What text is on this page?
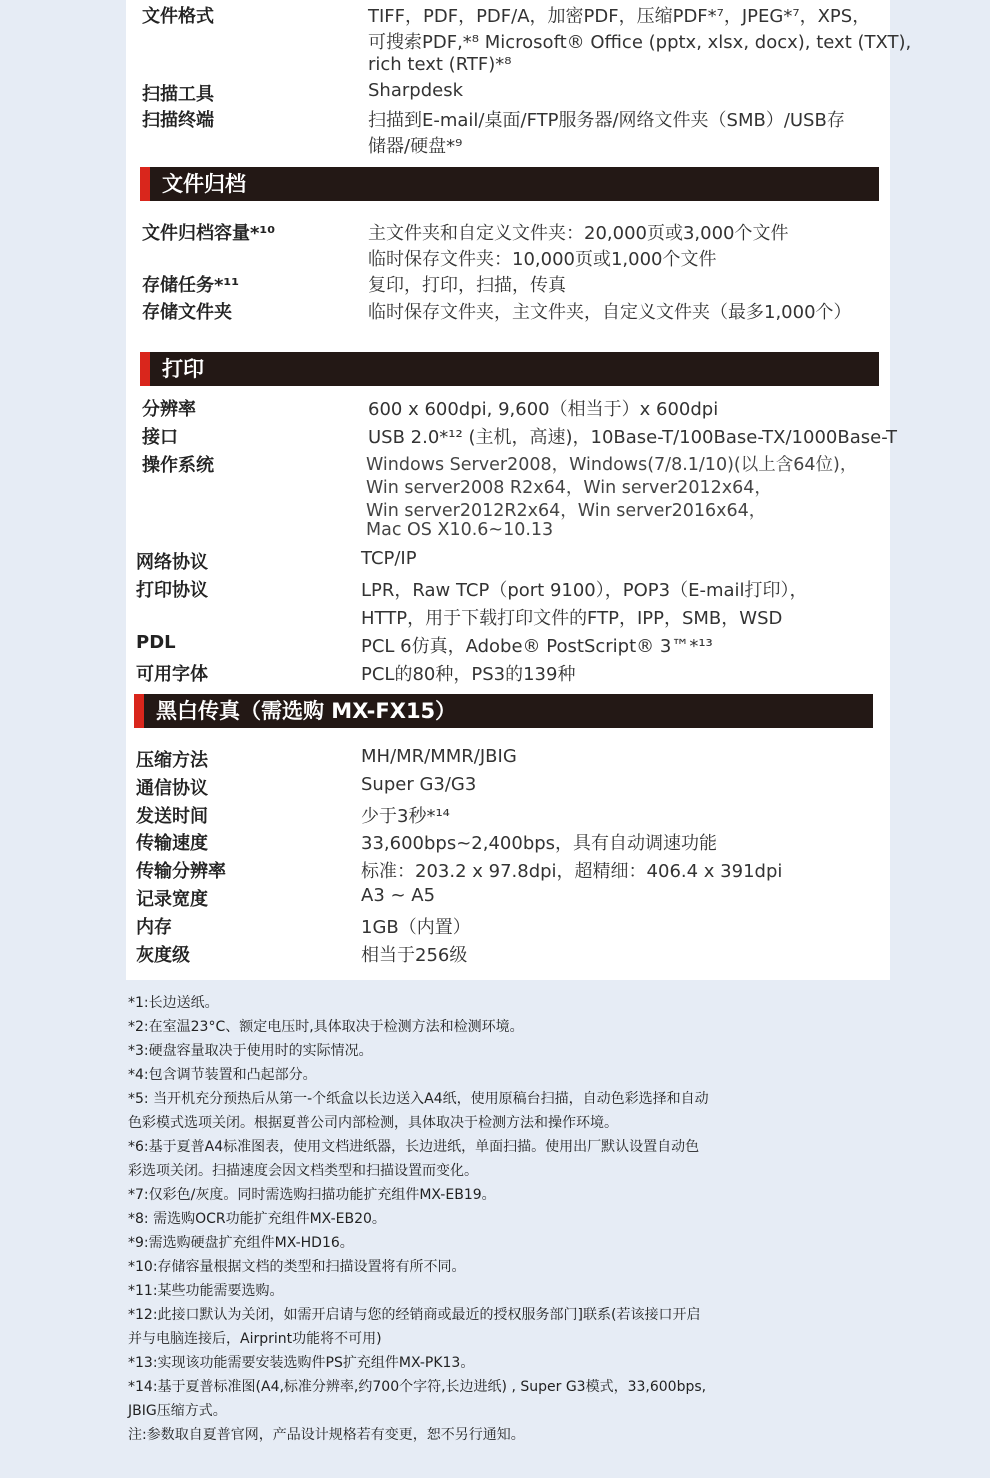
文件格式	TIFF，PDF，PDF/A，加密PDF，压缩PDF*⁷，JPEG*⁷，XPS，
可搜索PDF,*⁸ Microsoft® Office (pptx, xlsx, docx), text (TXT),
rich text (RTF)*⁸
扫描工具	Sharpdesk
扫描终端	扫描到E-mail/桌面/FTP服务器/网络文件夹（SMB）/USB存
储器/硬盘*⁹
文件归档
文件归档容量*¹⁰	主文件夹和自定义文件夹：20,000页或3,000个文件
临时保存文件夹：10,000页或1,000个文件
存储任务*¹¹	复印，打印，扫描，传真
存储文件夹	临时保存文件夹，主文件夹，自定义文件夹（最多1,000个）
打印
分辨率	600 x 600dpi, 9,600（相当于）x 600dpi
接口	USB 2.0*¹² (主机，高速)，10Base-T/100Base-TX/1000Base-T
操作系统	Windows Server2008，Windows(7/8.1/10)(以上含64位)，
Win server2008 R2x64，Win server2012x64，
Win server2012R2x64，Win server2016x64，
Mac OS X10.6~10.13
网络协议	TCP/IP
打印协议	LPR，Raw TCP（port 9100），POP3（E-mail打印），
HTTP，用于下载打印文件的FTP，IPP，SMB，WSD
PDL	PCL 6仿真，Adobe® PostScript® 3™*¹³
可用字体	PCL的80种，PS3的139种
黑白传真（需选购 MX-FX15）
压缩方法	MH/MR/MMR/JBIG
通信协议	Super G3/G3
发送时间	少于3秒*¹⁴
传输速度	33,600bps~2,400bps，具有自动调速功能
传输分辨率	标准：203.2 x 97.8dpi，超精细：406.4 x 391dpi
记录宽度	A3 ~ A5
内存	1GB（内置）
灰度级	相当于256级
*1:长边送纸。
*2:在室温23°C、额定电压时,具体取决于检测方法和检测环境。
*3:硬盘容量取决于使用时的实际情况。
*4:包含调节装置和凸起部分。
*5: 当开机充分预热后从第一-个纸盒以长边送入A4纸，使用原稿台扫描，自动色彩选择和自动
色彩模式选项关闭。根据夏普公司内部检测，具体取决于检测方法和操作环境。
*6:基于夏普A4标准图表，使用文档进纸器，长边进纸，单面扫描。使用出厂默认设置自动色
彩选项关闭。扫描速度会因文档类型和扫描设置而变化。
*7:仅彩色/灰度。同时需选购扫描功能扩充组件MX-EB19。
*8: 需选购OCR功能扩充组件MX-EB20。
*9:需选购硬盘扩充组件MX-HD16。
*10:存储容量根据文档的类型和扫描设置将有所不同。
*11:某些功能需要选购。
*12:此接口默认为关闭，如需开启请与您的经销商或最近的授权服务部门]联系(若该接口开启
并与电脑连接后，Airprint功能将不可用)
*13:实现该功能需要安装选购件PS扩充组件MX-PK13。
*14:基于夏普标准图(A4,标准分辨率,约700个字符,长边进纸) , Super G3模式，33,600bps,
JBIG压缩方式。
注:参数取自夏普官网，产品设计规格若有变更，恕不另行通知。
